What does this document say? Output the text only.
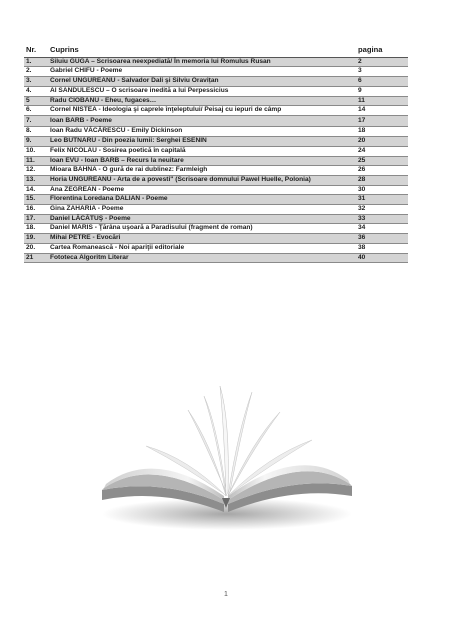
Nr.	Cuprins	pagina
1.	Siluiu GUGA – Scrisoarea neexpediată/ În memoria lui Romulus Rusan	2
2.	Gabriel CHIFU - Poeme	3
3.	Cornel UNGUREANU - Salvador Dali şi Silviu Oravițan	6
4.	Al SANDULESCU – O scrisoare inedită a lui Perpessicius	9
5	Radu CIOBANU - Eheu, fugaces…	11
6.	Cornel NISTEA - Ideologia şi caprele înţeleptului/ Peisaj cu iepuri de câmp	14
7.	Ioan BARB - Poeme	17
8.	Ioan Radu VĂCĂRESCU - Emily Dickinson	18
9.	Leo BUTNARU - Din poezia lumii: Serghei ESENIN	20
10.	Felix NICOLAU - Sosirea poetică în capitală	24
11.	Ioan EVU - Ioan BARB – Recurs la neuitare	25
12.	Mioara BAHNA - O gură de rai dublinez: Farmleigh	26
13.	Horia UNGUREANU - Arta de a povesti" (Scrisoare domnului Pawel Huelle, Polonia)	28
14.	Ana ZEGREAN - Poeme	30
15.	Florentina Loredana DALIAN - Poeme	31
16.	Gina ZAHARIA - Poeme	32
17.	Daniel LĂCĂTUŞ - Poeme	33
18.	Daniel MARIS - Ţărâna uşoară a Paradisului (fragment de roman)	34
19.	Mihai PETRE - Evocări	36
20.	Cartea Romanească - Noi apariţii editoriale	38
21	Fototeca Algoritm Literar	40
1
